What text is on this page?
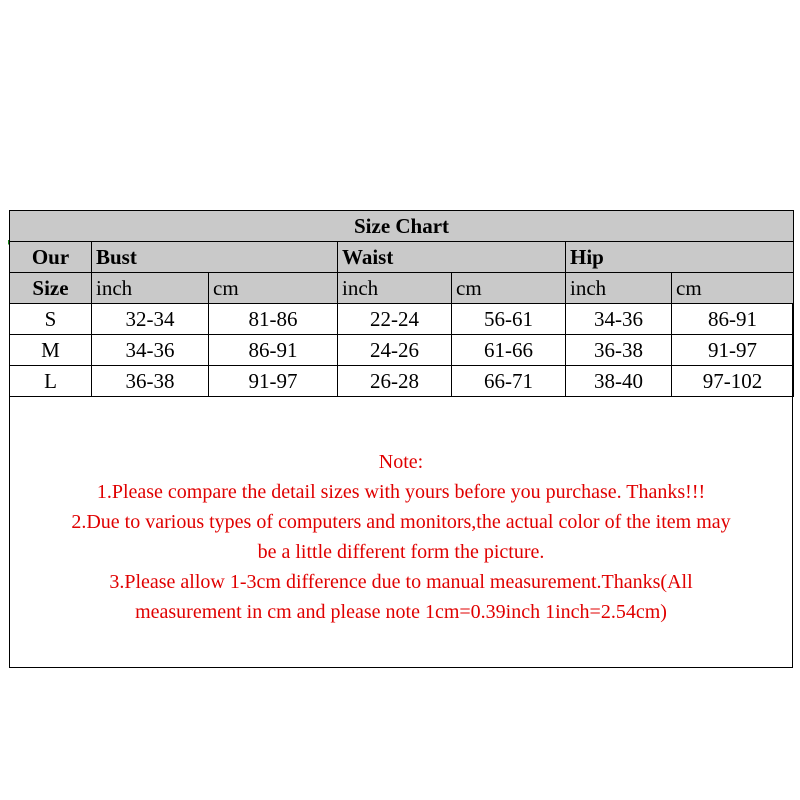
Size Chart						
Our	Bust		Waist		Hip	
Size	inch	cm	inch	cm	inch	cm
S	32-34	81-86	22-24	56-61	34-36	86-91
M	34-36	86-91	24-26	61-66	36-38	91-97
L	36-38	91-97	26-28	66-71	38-40	97-102
Note:
1.Please compare the detail sizes with yours before you purchase. Thanks!!!
2.Due to various types of computers and monitors,the actual color of the item may
be a little different form the picture.
3.Please allow 1-3cm difference due to manual measurement.Thanks(All
measurement in cm and please note 1cm=0.39inch 1inch=2.54cm)
